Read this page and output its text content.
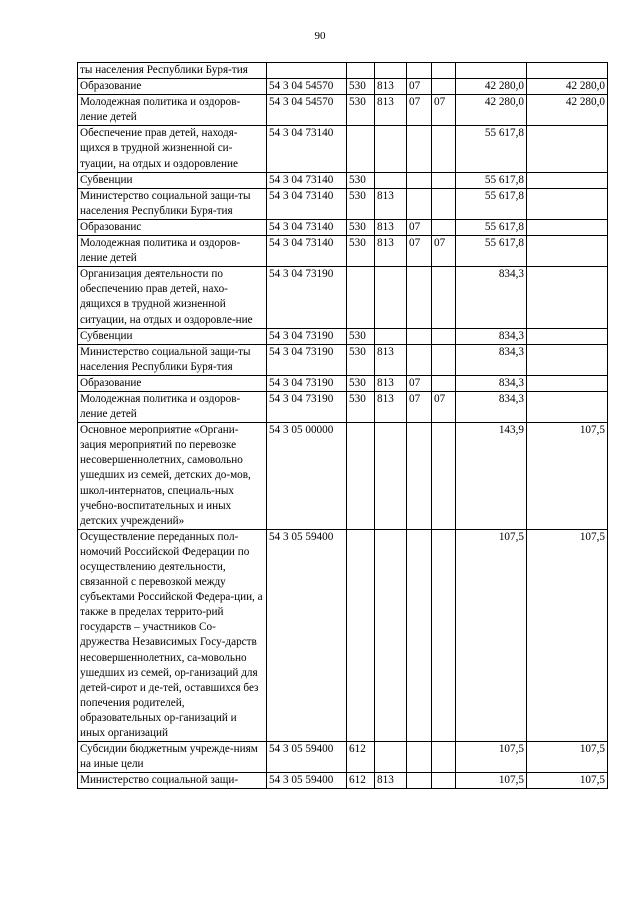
90
ты населения Республики Буря-тия							
Образование	54 3 04 54570	530	813	07		42 280,0	42 280,0
Молодежная политика и оздоров-ление детей	54 3 04 54570	530	813	07	07	42 280,0	42 280,0
Обеспечение прав детей, находя-щихся в трудной жизненной си-туации, на отдых и оздоровление	54 3 04 73140					55 617,8	
Субвенции	54 3 04 73140	530				55 617,8	
Министерство социальной защи-ты населения Республики Буря-тия	54 3 04 73140	530	813			55 617,8	
Образованис	54 3 04 73140	530	813	07		55 617,8	
Молодежная политика и оздоров-ление детей	54 3 04 73140	530	813	07	07	55 617,8	
Организация деятельности по обеспечению прав детей, нахо-дящихся в трудной жизненной ситуации, на отдых и оздоровле-ние	54 3 04 73190					834,3	
Субвенции	54 3 04 73190	530				834,3	
Министерство социальной защи-ты населения Республики Буря-тия	54 3 04 73190	530	813			834,3	
Образование	54 3 04 73190	530	813	07		834,3	
Молодежная политика и оздоров-ление детей	54 3 04 73190	530	813	07	07	834,3	
Основное мероприятие «Органи-зация мероприятий по перевозке несовершеннолетних, самовольно ушедших из семей, детских до-мов, школ-интернатов, специаль-ных учебно-воспитательных и иных детских учреждений»	54 3 05 00000					143,9	107,5
Осуществление переданных пол-номочий Российской Федерации по осуществлению деятельности, связанной с перевозкой между субъектами Российской Федера-ции, а также в пределах террито-рий государств – участников Со-дружества Независимых Госу-дарств несовершеннолетних, са-мовольно ушедших из семей, ор-ганизаций для детей-сирот и де-тей, оставшихся без попечения родителей, образовательных ор-ганизаций и иных организаций	54 3 05 59400					107,5	107,5
Субсидии бюджетным учрежде-ниям на иные цели	54 3 05 59400	612				107,5	107,5
Министерство социальной защи-	54 3 05 59400	612	813			107,5	107,5
